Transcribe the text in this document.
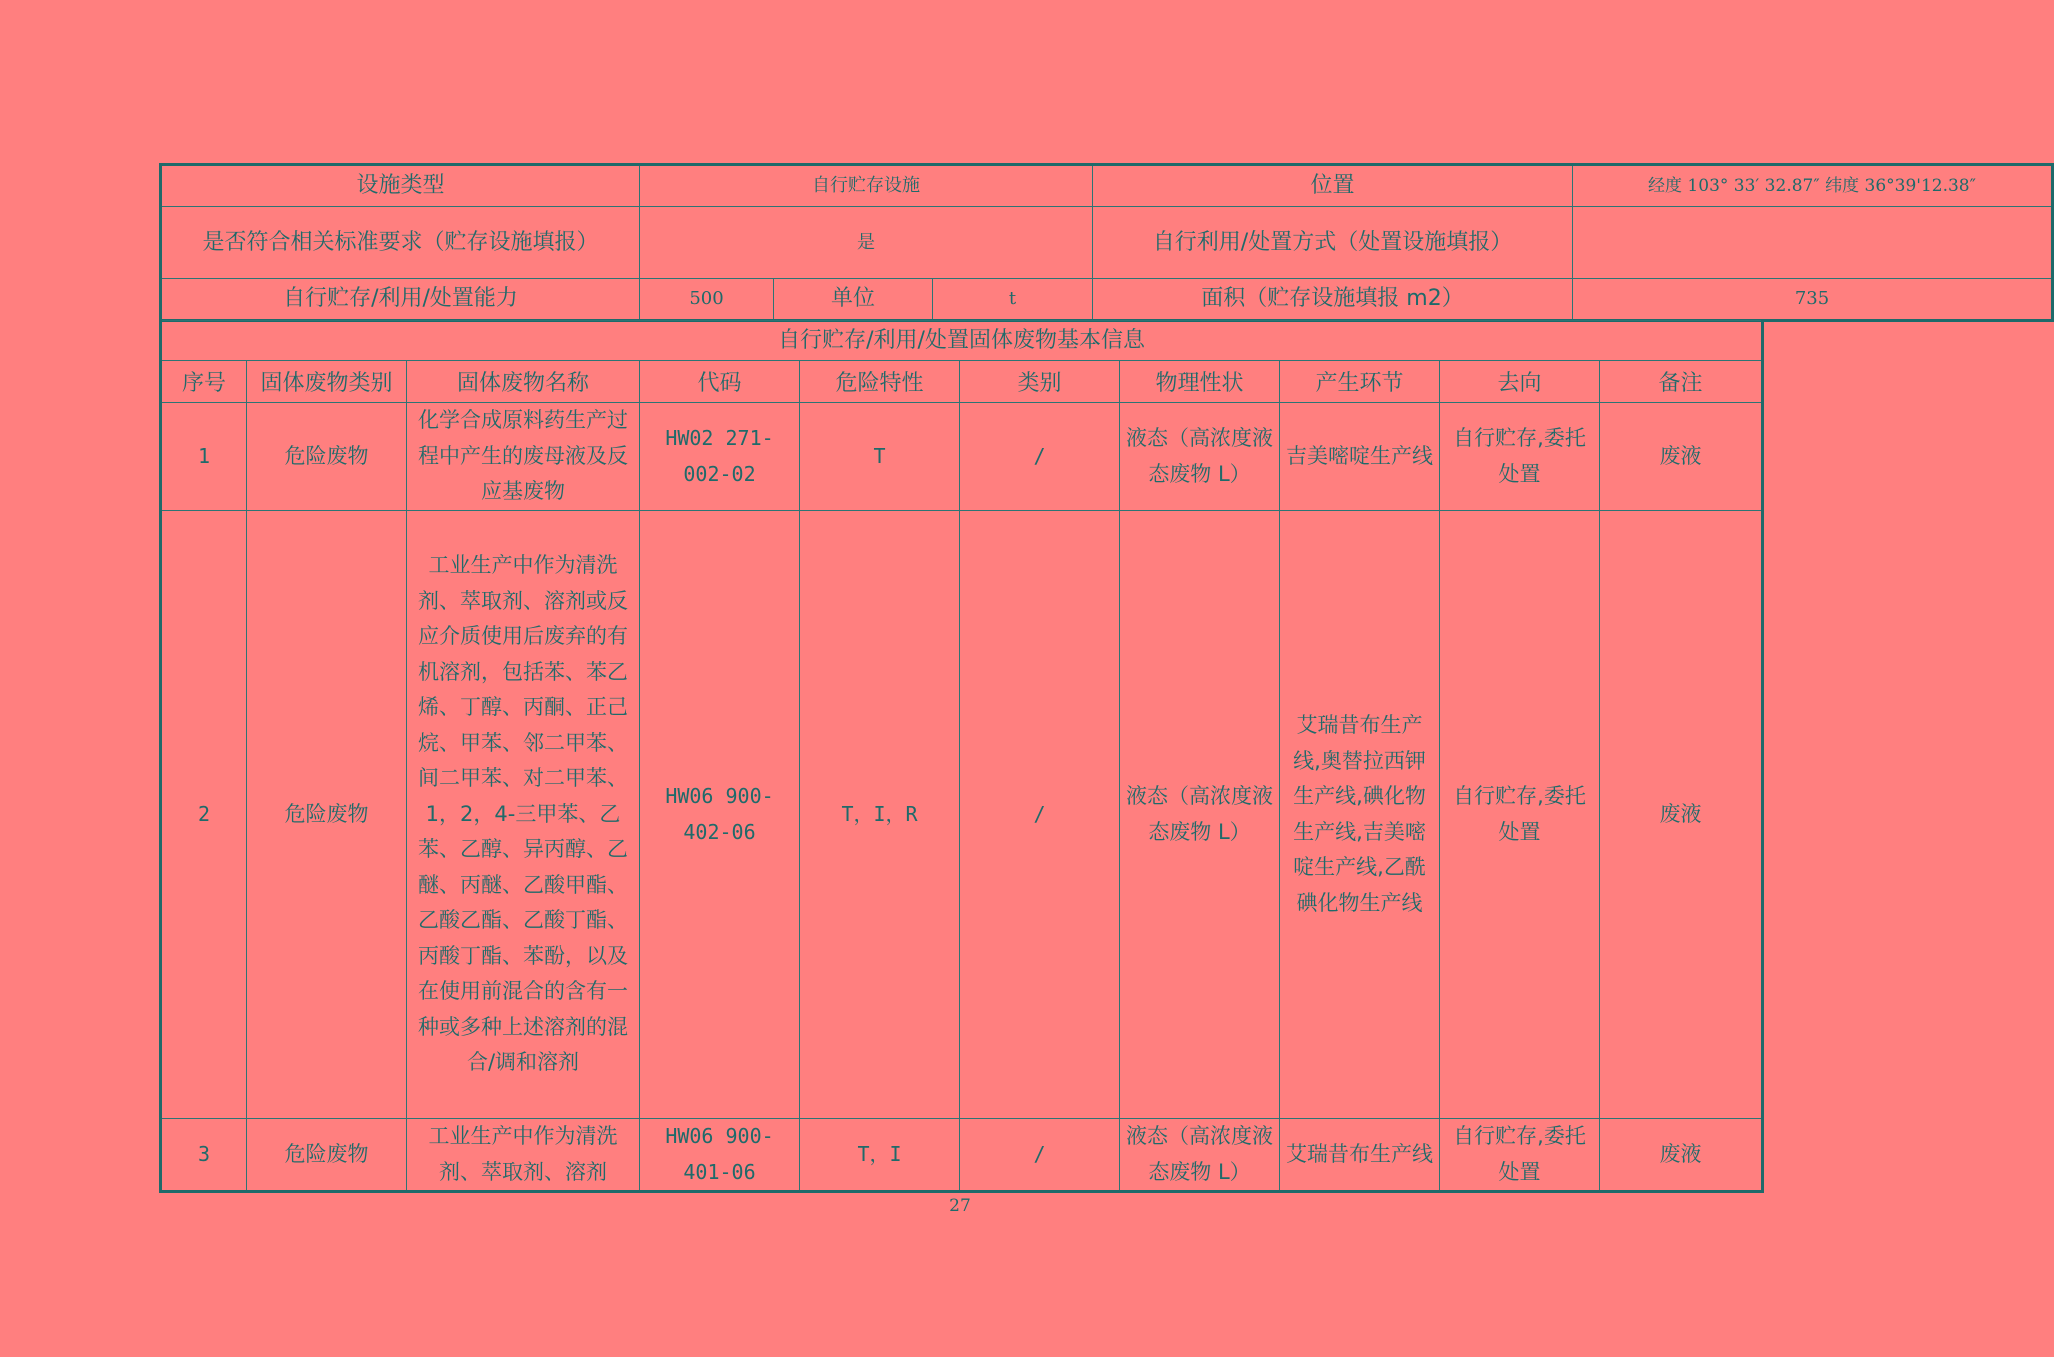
设施类型	自行贮存设施			位置	经度 103° 33′ 32.87″ 纬度 36°39'12.38″
是否符合相关标准要求（贮存设施填报）	是			自行利用/处置方式（处置设施填报）	
自行贮存/利用/处置能力	500	单位	t	面积（贮存设施填报 m2）	735
自行贮存/利用/处置固体废物基本信息									
序号	固体废物类别	固体废物名称	代码	危险特性	类别	物理性状	产生环节	去向	备注
1	危险废物	化学合成原料药生产过程中产生的废母液及反应基废物	HW02 271-002-02	T	/	液态（高浓度液态废物 L）	吉美嘧啶生产线	自行贮存,委托处置	废液
2	危险废物	工业生产中作为清洗剂、萃取剂、溶剂或反应介质使用后废弃的有机溶剂，包括苯、苯乙烯、丁醇、丙酮、正己烷、甲苯、邻二甲苯、间二甲苯、对二甲苯、1，2，4-三甲苯、乙苯、乙醇、异丙醇、乙醚、丙醚、乙酸甲酯、乙酸乙酯、乙酸丁酯、丙酸丁酯、苯酚，以及在使用前混合的含有一种或多种上述溶剂的混合/调和溶剂	HW06 900-402-06	T，I，R	/	液态（高浓度液态废物 L）	艾瑞昔布生产线,奥替拉西钾生产线,碘化物生产线,吉美嘧啶生产线,乙酰碘化物生产线	自行贮存,委托处置	废液
3	危险废物	工业生产中作为清洗剂、萃取剂、溶剂	HW06 900-401-06	T，I	/	液态（高浓度液态废物 L）	艾瑞昔布生产线	自行贮存,委托处置	废液
27
